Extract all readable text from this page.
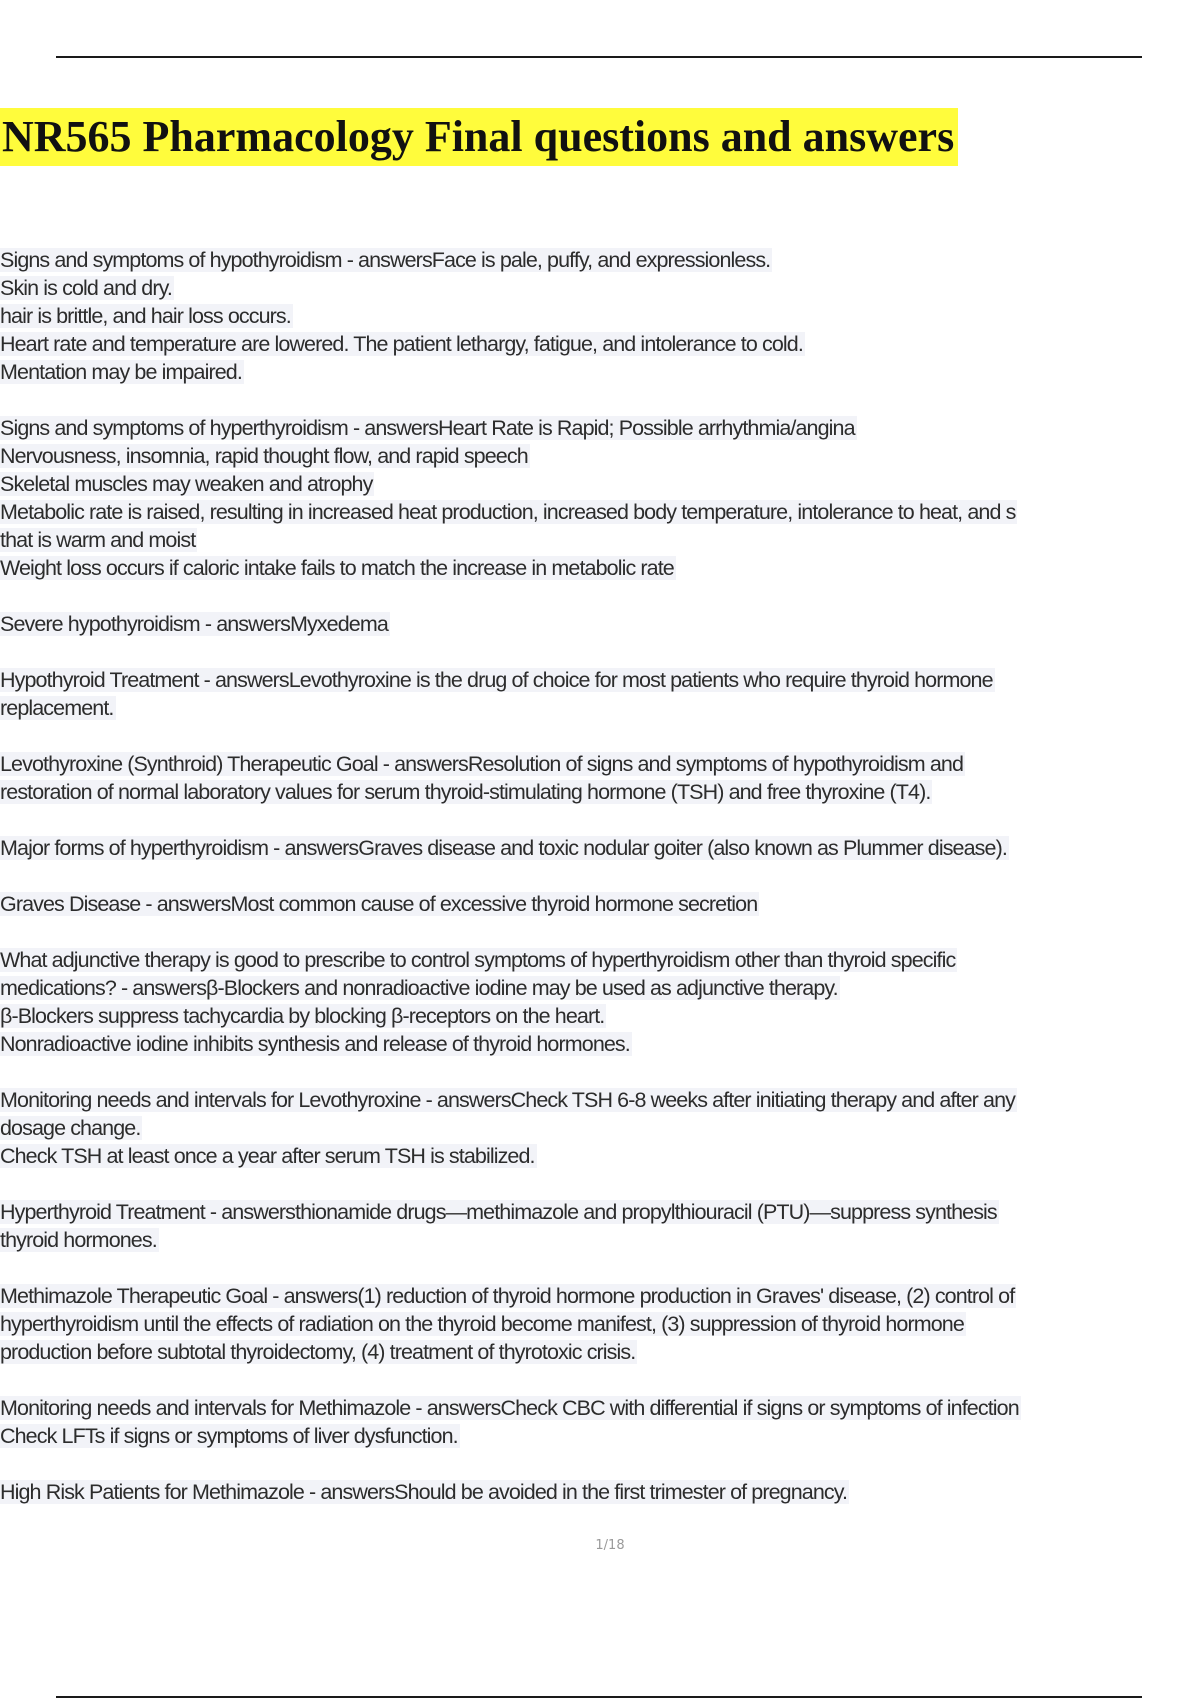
NR565 Pharmacology Final questions and answers
Signs and symptoms of hypothyroidism - answersFace is pale, puffy, and expressionless.
Skin is cold and dry.
hair is brittle, and hair loss occurs.
Heart rate and temperature are lowered. The patient lethargy, fatigue, and intolerance to cold.
Mentation may be impaired.
Signs and symptoms of hyperthyroidism - answersHeart Rate is Rapid; Possible arrhythmia/angina
Nervousness, insomnia, rapid thought flow, and rapid speech
Skeletal muscles may weaken and atrophy
Metabolic rate is raised, resulting in increased heat production, increased body temperature, intolerance to heat, and s
that is warm and moist
Weight loss occurs if caloric intake fails to match the increase in metabolic rate
Severe hypothyroidism - answersMyxedema
Hypothyroid Treatment - answersLevothyroxine is the drug of choice for most patients who require thyroid hormone
replacement.
Levothyroxine (Synthroid) Therapeutic Goal - answersResolution of signs and symptoms of hypothyroidism and
restoration of normal laboratory values for serum thyroid-stimulating hormone (TSH) and free thyroxine (T4).
Major forms of hyperthyroidism - answersGraves disease and toxic nodular goiter (also known as Plummer disease).
Graves Disease - answersMost common cause of excessive thyroid hormone secretion
What adjunctive therapy is good to prescribe to control symptoms of hyperthyroidism other than thyroid specific
medications? - answersβ-Blockers and nonradioactive iodine may be used as adjunctive therapy.
β-Blockers suppress tachycardia by blocking β-receptors on the heart.
Nonradioactive iodine inhibits synthesis and release of thyroid hormones.
Monitoring needs and intervals for Levothyroxine - answersCheck TSH 6-8 weeks after initiating therapy and after any
dosage change.
Check TSH at least once a year after serum TSH is stabilized.
Hyperthyroid Treatment - answersthionamide drugs—methimazole and propylthiouracil (PTU)—suppress synthesis
thyroid hormones.
Methimazole Therapeutic Goal - answers(1) reduction of thyroid hormone production in Graves' disease, (2) control of
hyperthyroidism until the effects of radiation on the thyroid become manifest, (3) suppression of thyroid hormone
production before subtotal thyroidectomy, (4) treatment of thyrotoxic crisis.
Monitoring needs and intervals for Methimazole - answersCheck CBC with differential if signs or symptoms of infection
Check LFTs if signs or symptoms of liver dysfunction.
High Risk Patients for Methimazole - answersShould be avoided in the first trimester of pregnancy.
1/18
